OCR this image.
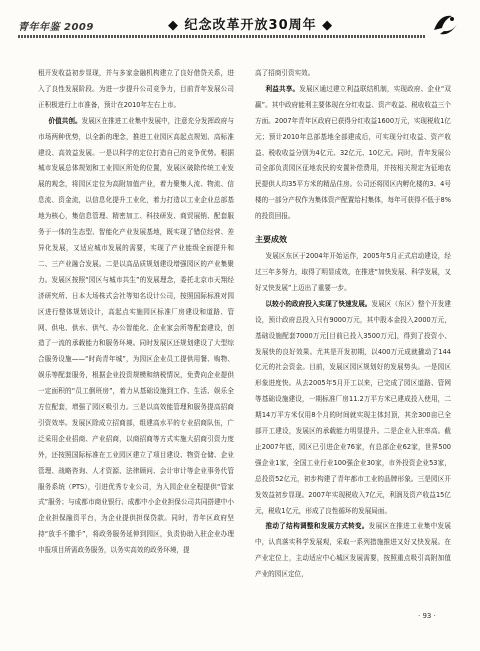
青年年鉴 2009	◆ 纪念改革开放30周年 ◆

租开发收益初步显现，并与多家金融机构建立了良好借贷关系，进入了良性发展阶段。为进一步提升公司竞争力，目前青年发展公司正积极进行上市准备，预计在2010年左右上市。

价值共创。发展区在推进工业集中发展中，注意充分发挥政府与市场两种优势，以全新的理念，推进工业园区高起点规划、高标准建设、高效益发展。一是以科学的定位打造自己的竞争优势。根据城市发展总体规划和工业园区所处的位置，发展区破除传统工业发展的观念，将园区定位为高附加值产业，着力聚集人流、物流、信息流、资金流，以信息化提升工业化，着力打造以工业企业总部基地为核心，集信息管理、精密加工、科技研发、商贸展销、配套服务于一体的生态型、智能化产业发展基地，既实现了错位经营、差异化发展，又适应城市发展的需要，实现了产业能级全面提升和二、三产业融合发展。二是以高品质规划建设增强园区的产业集聚力。发展区按照“园区与城市共生”的发展理念，委托北京市天翔经济研究所、日本大场株式会社等知名设计公司，按照国际标准对园区进行整体规划设计，高起点实施园区标准厂房建设和道路、管网、供电、供水、供气、办公智能化、企业家会所等配套建设，创造了一流的承载能力和服务环境。同时发展区还规划建设了大型综合服务设施——“时尚青年城”，为园区企业员工提供用餐、购物、娱乐等配套服务，根据企业投资规模和纳税情况，免费向企业提供一定面积的“员工倒班房”，着力从基础设施到工作、生活、娱乐全方位配套，增强了园区吸引力。三是以高效能管理和服务提高招商引资效率。发展区除成立招商部，组建高水平的专业招商队伍，广泛采用企业招商、产业招商，以商招商等方式实施大招商引资力度外，还按照国际标准在工业园区建立了项目建设、物资仓储、企业管理、战略咨询、人才资源、法律顾问、会计审计等企业事务代管服务系统（PTS），引进优秀专业公司，为入园企业全程提供“管家式”服务；与成都市商业银行、成都中小企业担保公司共同搭建中小企业担保融资平台，为企业提供担保贷款。同时，青年区政府坚持“放手不撒手”，将政务服务延伸到园区，负责协助入驻企业办理申报项目所需政务服务，以务实高效的政务环境，提

高了招商引资实效。

利益共享。发展区通过建立利益联结机制，实现政府、企业“双赢”。其中政府能利主要体现在分红收益、资产收益、税收收益三个方面。2007年青年区政府已获得分红收益1600万元，实现税收1亿元；预计2010年总部基地全部建成后，可实现分红收益、资产收益、税收收益分别为4亿元、32亿元、10亿元。同时，青年发展公司全部负责园区征地农民的安置补偿费用，并按相关规定为征地农民提供人均35平方米的精品住房。公司还将园区内孵化楼的3、4号楼的一部分产权作为集体资产配置给村集体，每年可获得不低于8%的投资回报。

主要成效

发展区东区于2004年开始运作，2005年5月正式启动建设，经过三年多努力，取得了明显成效，在推进“加快发展、科学发展，又好又快发展”上迈出了重要一步。

以较小的政府投入实现了快速发展。发展区（东区）整个开发建设，预计政府总投入只有9000万元，其中股本金投入2000万元，基础设施配套7000万元[目前已投入3500万元]，得到了投资小、发展快的良好效果。尤其是开发初期，以400万元成就撬动了144亿元的社会资金。目前，发展区园区规划好的发展势头。一是园区形象进度快。从去2005年5月开工以来，已完成了园区道路、管网等基础设施建设，一期标准厂房11.2万平方米已建成投入使用，二期14万平方米仅用8个月的时间就实现主体封顶，其余300亩已全部开工建设，发展区的承载能力明显提升。二是企业入驻率高。截止2007年底，园区已引进企业76家，有总部企业62家，世界500强企业1家，全国工业行业100强企业30家，市外投资企业53家，总投资52亿元，初步构建了青年都市工业的品牌形象。三是园区开发效益初步显现。2007年实现税收入7亿元，利润及资产收益15亿元，税收1亿元，形成了良性循环的发展局面。

推动了结构调整和发展方式转变。发展区在推进工业集中发展中，认真落实科学发展观，采取一系列措施推进又好又快发展。在产业定位上，主动适应中心城区发展需要，按照重点吸引高附加值产业的园区定位，

· 93 ·
